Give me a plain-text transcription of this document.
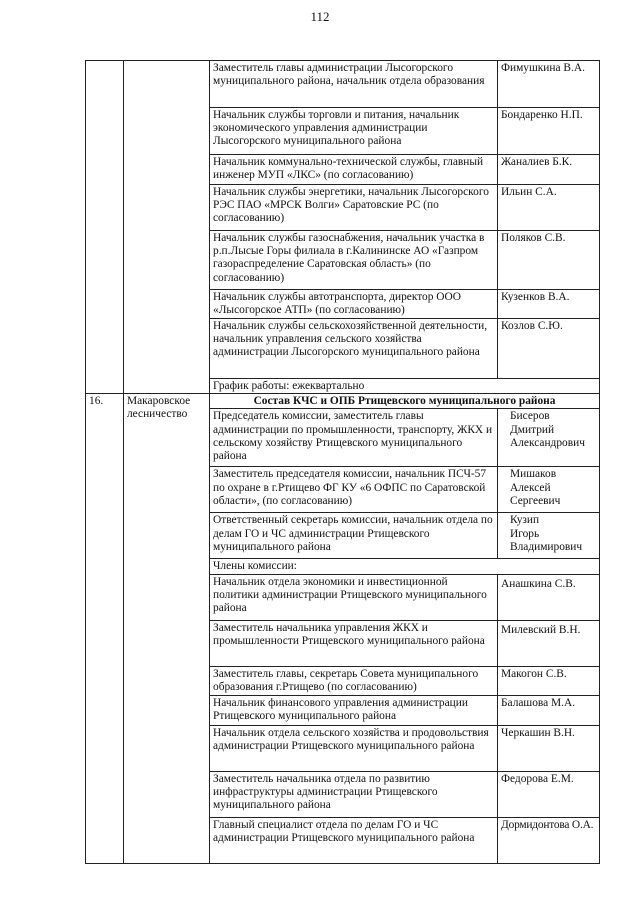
112
		Заместитель главы администрации Лысогорского муниципального района, начальник отдела образования	Фимушкина В.А.
		Начальник службы торговли и питания, начальник экономического управления администрации Лысогорского муниципального района	Бондаренко Н.П.
		Начальник коммунально-технической службы, главный инженер МУП «ЛКС» (по согласованию)	Жаналиев Б.К.
		Начальник службы энергетики, начальник Лысогорского РЭС ПАО «МРСК Волги» Саратовские РС (по согласованию)	Ильин С.А.
		Начальник службы газоснабжения, начальник участка в р.п.Лысые Горы филиала в г.Калининске АО «Газпром газораспределение Саратовская область» (по согласованию)	Поляков С.В.
		Начальник службы автотранспорта, директор ООО «Лысогорское АТП» (по согласованию)	Кузенков В.А.
		Начальник службы сельскохозяйственной деятельности, начальник управления сельского хозяйства администрации Лысогорского муниципального района	Козлов С.Ю.
		График работы: ежеквартально	
16.	Макаровское лесничество	Состав КЧС и ОПБ Ртищевского муниципального района	
		Председатель комиссии, заместитель главы администрации по промышленности, транспорту, ЖКХ и сельскому хозяйству Ртищевского муниципального района	Бисеров
Дмитрий
Александрович

		Заместитель председателя комиссии, начальник ПСЧ-57 по охране в г.Ртищево ФГ КУ «6 ОФПС по Саратовской области», (по согласованию)	Мишаков
Алексей
Сергеевич

		Ответственный секретарь комиссии, начальник отдела по делам ГО и ЧС администрации Ртищевского муниципального района	Кузип
Игорь
Владимирович

		Члены комиссии:	
		Начальник отдела экономики и инвестиционной политики администрации Ртищевского муниципального района	Анашкина С.В.
		Заместитель начальника управления ЖКХ и промышленности Ртищевского муниципального района	Милевский В.Н.
		Заместитель главы, секретарь Совета муниципального образования г.Ртищево (по согласованию)	Макогон С.В.
		Начальник финансового управления администрации Ртищевского муниципального района	Балашова М.А.
		Начальник отдела сельского хозяйства и продовольствия администрации Ртищевского муниципального района	Черкашин В.Н.
		Заместитель начальника отдела по развитию инфраструктуры администрации Ртищевского муниципального района	Федорова Е.М.
		Главный специалист отдела по делам ГО и ЧС администрации Ртищевского муниципального района	Дормидонтова О.А.
